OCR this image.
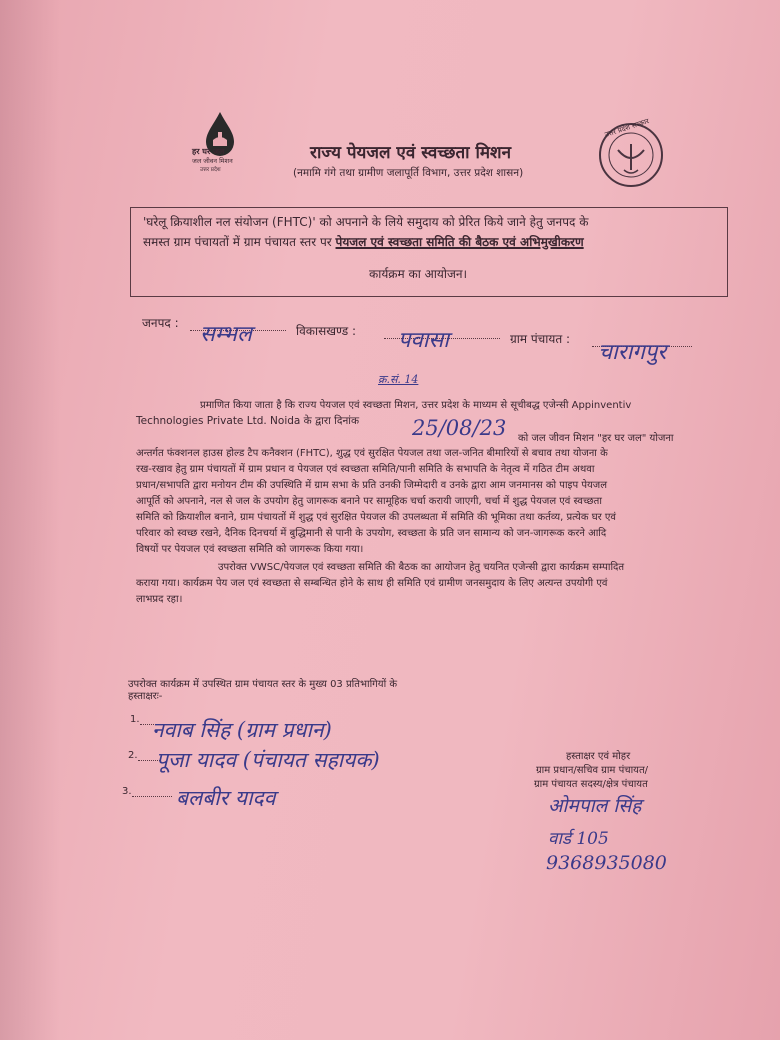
हर घर जल
जल जीवन मिशन
उत्तर प्रदेश
राज्य पेयजल एवं स्वच्छता मिशन
(नमामि गंगे तथा ग्रामीण जलापूर्ति विभाग, उत्तर प्रदेश शासन)
उत्तर प्रदेश सरकार

'घरेलू क्रियाशील नल संयोजन (FHTC)' को अपनाने के लिये समुदाय को प्रेरित किये जाने हेतु जनपद के

समस्त ग्राम पंचायतों में ग्राम पंचायत स्तर पर पेयजल एवं स्वच्छता समिति की बैठक एवं अभिमुखीकरण

कार्यक्रम का आयोजन।

जनपद : सम्भल	विकासखण्ड : पवासा	ग्राम पंचायत :
चारागपुर
क्र.सं. 14
प्रमाणित किया जाता है कि राज्य पेयजल एवं स्वच्छता मिशन, उत्तर प्रदेश के माध्यम से सूचीबद्ध एजेन्सी Appinventiv
Technologies Private Ltd. Noida के द्वारा दिनांक	25/08/23 को जल जीवन मिशन "हर घर जल" योजना
अन्तर्गत फंक्शनल हाउस होल्ड टैप कनैक्शन (FHTC), शुद्ध एवं सुरक्षित पेयजल तथा जल-जनित बीमारियों से बचाव तथा योजना के
रख-रखाव हेतु ग्राम पंचायतों में ग्राम प्रधान व पेयजल एवं स्वच्छता समिति/पानी समिति के सभापति के नेतृत्व में गठित टीम अथवा
प्रधान/सभापति द्वारा मनोयन टीम की उपस्थिति में ग्राम सभा के प्रति उनकी जिम्मेदारी व उनके द्वारा आम जनमानस को पाइप पेयजल
आपूर्ति को अपनाने, नल से जल के उपयोग हेतु जागरूक बनाने पर सामूहिक चर्चा करायी जाएगी, चर्चा में शुद्ध पेयजल एवं स्वच्छता
समिति को क्रियाशील बनाने, ग्राम पंचायतों में शुद्ध एवं सुरक्षित पेयजल की उपलब्धता में समिति की भूमिका तथा कर्तव्य, प्रत्येक घर एवं
परिवार को स्वच्छ रखने, दैनिक दिनचर्या में बुद्धिमानी से पानी के उपयोग, स्वच्छता के प्रति जन सामान्य को जन-जागरूक करने आदि
विषयों पर पेयजल एवं स्वच्छता समिति को जागरूक किया गया।
उपरोक्त VWSC/पेयजल एवं स्वच्छता समिति की बैठक का आयोजन हेतु चयनित एजेन्सी द्वारा कार्यक्रम सम्पादित
कराया गया। कार्यक्रम पेय जल एवं स्वच्छता से सम्बन्धित होने के साथ ही समिति एवं ग्रामीण जनसमुदाय के लिए अत्यन्त उपयोगी एवं
लाभप्रद रहा।
उपरोक्त कार्यक्रम में उपस्थित ग्राम पंचायत स्तर के मुख्य 03 प्रतिभागियों के
हस्ताक्षरः-
1. नवाब सिंह (ग्राम प्रधान)
2. पूजा यादव (पंचायत सहायक)
3. बलबीर यादव
हस्ताक्षर एवं मोहर
ग्राम प्रधान/सचिव ग्राम पंचायत/
ग्राम पंचायत सदस्य/क्षेत्र पंचायत
ओमपाल सिंह
वार्ड 105
9368935080
